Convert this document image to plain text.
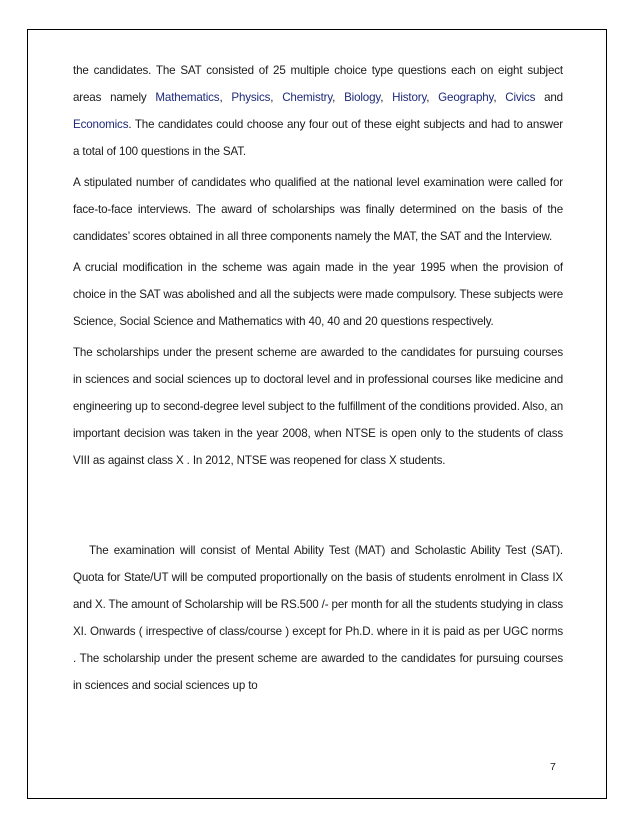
the candidates. The SAT consisted of 25 multiple choice type questions each on eight subject areas namely Mathematics, Physics, Chemistry, Biology, History, Geography, Civics and Economics. The candidates could choose any four out of these eight subjects and had to answer a total of 100 questions in the SAT.

A stipulated number of candidates who qualified at the national level examination were called for face-to-face interviews. The award of scholarships was finally determined on the basis of the candidates’ scores obtained in all three components namely the MAT, the SAT and the Interview.

A crucial modification in the scheme was again made in the year 1995 when the provision of choice in the SAT was abolished and all the subjects were made compulsory. These subjects were Science, Social Science and Mathematics with 40, 40 and 20 questions respectively.

The scholarships under the present scheme are awarded to the candidates for pursuing courses in sciences and social sciences up to doctoral level and in professional courses like medicine and engineering up to second-degree level subject to the fulfillment of the conditions provided. Also, an important decision was taken in the year 2008, when NTSE is open only to the students of class VIII as against class X . In 2012, NTSE was reopened for class X students.

The examination will consist of Mental Ability Test (MAT) and Scholastic Ability Test (SAT). Quota for State/UT will be computed proportionally on the basis of students enrolment in Class IX and X. The amount of Scholarship will be RS.500 /- per month for all the students studying in class XI. Onwards ( irrespective of class/course ) except for Ph.D. where in it is paid as per UGC norms . The scholarship under the present scheme are awarded to the candidates for pursuing courses in sciences and social sciences up to

7
